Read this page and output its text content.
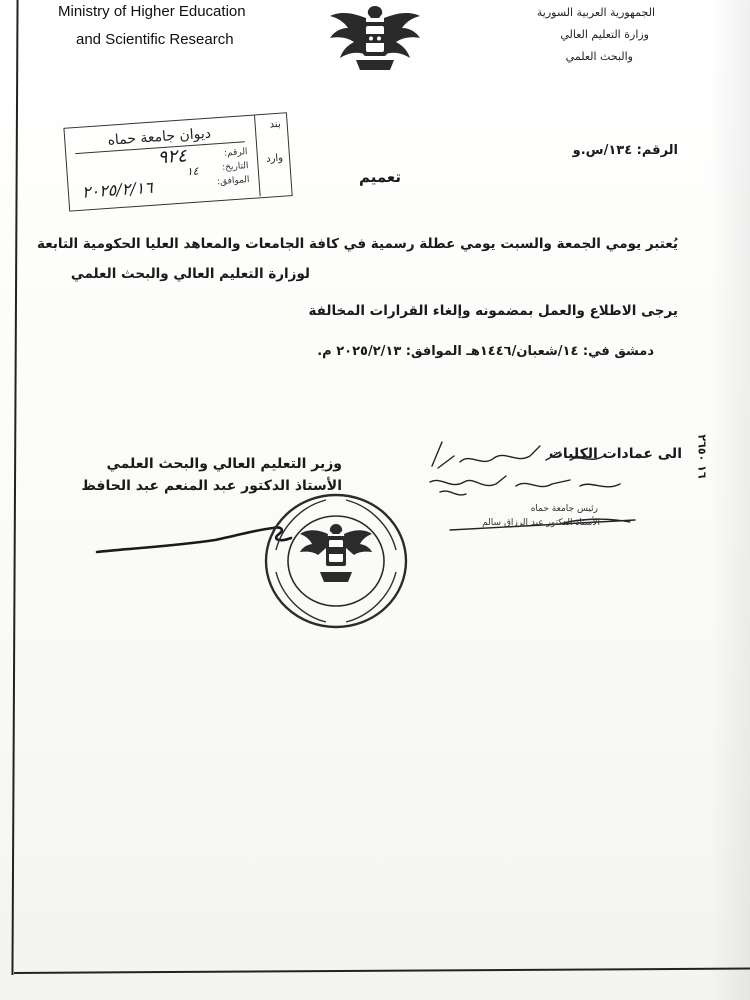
Ministry of Higher Education
and Scientific Research
الجمهورية العربية السورية
وزارة التعليم العالي
والبحث العلمي
بند
وارد
ديوان جامعة حماه
الرقم:
التاريخ:
الموافق:
٩٢٤
١٤
٢٠٢٥/٢/١٦
الرقم: ١٣٤/س.و
تعميم
يُعتبر يومي الجمعة والسبت يومي عطلة رسمية في كافة الجامعات والمعاهد العليا الحكومية التابعة
لوزارة التعليم العالي والبحث العلمي
يرجى الاطلاع والعمل بمضمونه وإلغاء القرارات المخالفة
دمشق في: ١٤/شعبان/١٤٤٦هـ الموافق: ٢٠٢٥/٢/١٣ م.
الى عمادات الكليات
رئيس جامعة حماه
الأستاذ الدكتور عبد الرزاق سالم
وزير التعليم العالي والبحث العلمي
الأستاذ الدكتور عبد المنعم عبد الحافظ
١٦ ٢٦٥٠
